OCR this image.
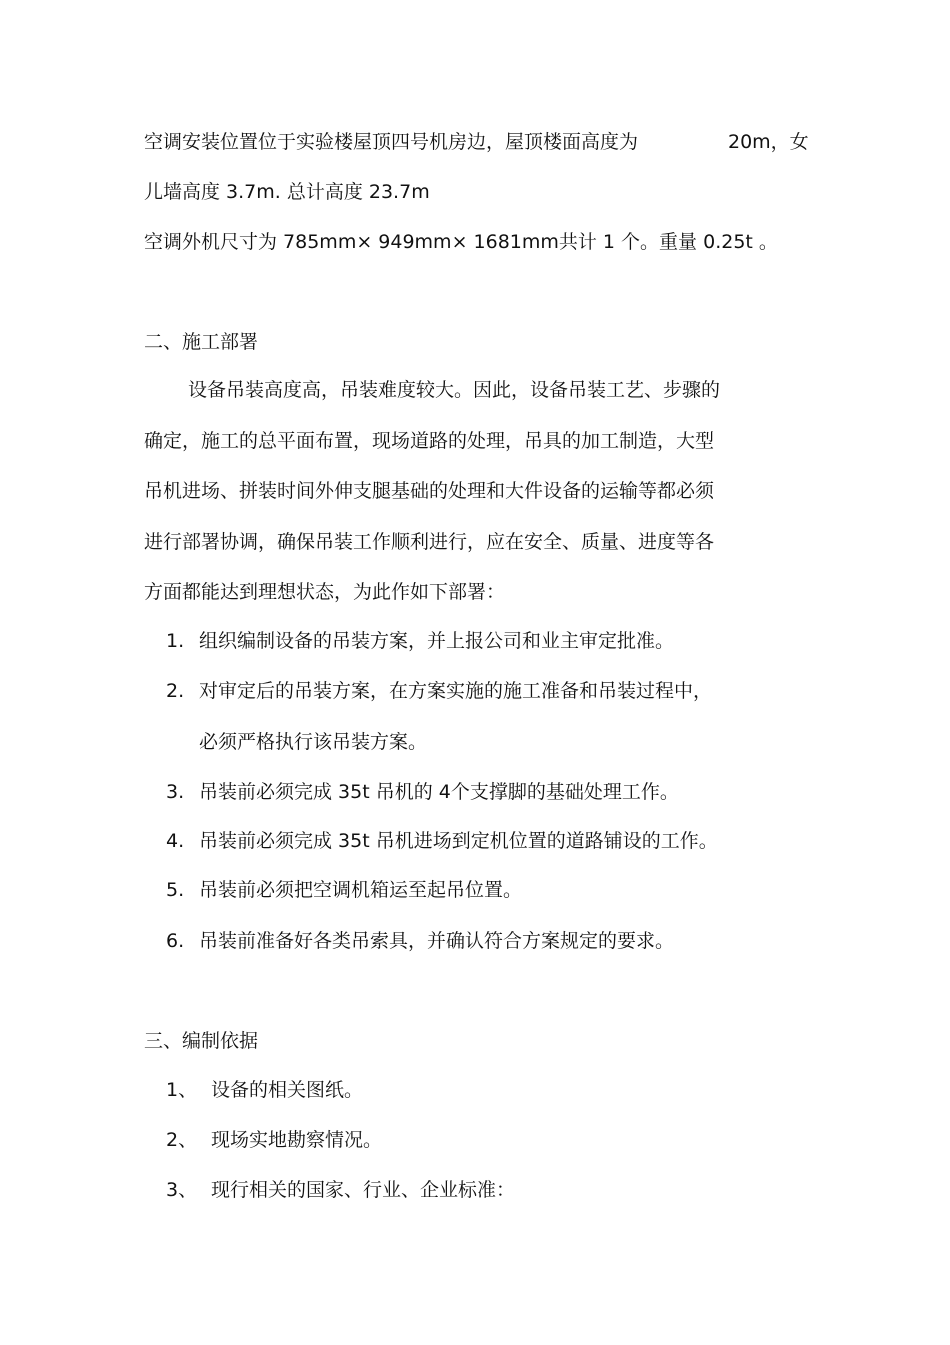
空调安装位置位于实验楼屋顶四号机房边，屋顶楼面高度为	20m，女
儿墙高度 3.7m. 总计高度 23.7m
空调外机尺寸为 785mm× 949mm× 1681mm共计 1 个。重量 0.25t 。
二、施工部署
设备吊装高度高，吊装难度较大。因此，设备吊装工艺、步骤的
确定，施工的总平面布置，现场道路的处理，吊具的加工制造，大型
吊机进场、拼装时间外伸支腿基础的处理和大件设备的运输等都必须
进行部署协调，确保吊装工作顺利进行，应在安全、质量、进度等各
方面都能达到理想状态，为此作如下部署：
1. 组织编制设备的吊装方案，并上报公司和业主审定批准。
2. 对审定后的吊装方案，在方案实施的施工准备和吊装过程中，
必须严格执行该吊装方案。
3. 吊装前必须完成 35t 吊机的 4个支撑脚的基础处理工作。
4. 吊装前必须完成 35t 吊机进场到定机位置的道路铺设的工作。
5. 吊装前必须把空调机箱运至起吊位置。
6. 吊装前准备好各类吊索具，并确认符合方案规定的要求。
三、编制依据
1、 设备的相关图纸。
2、 现场实地勘察情况。
3、 现行相关的国家、行业、企业标准：
